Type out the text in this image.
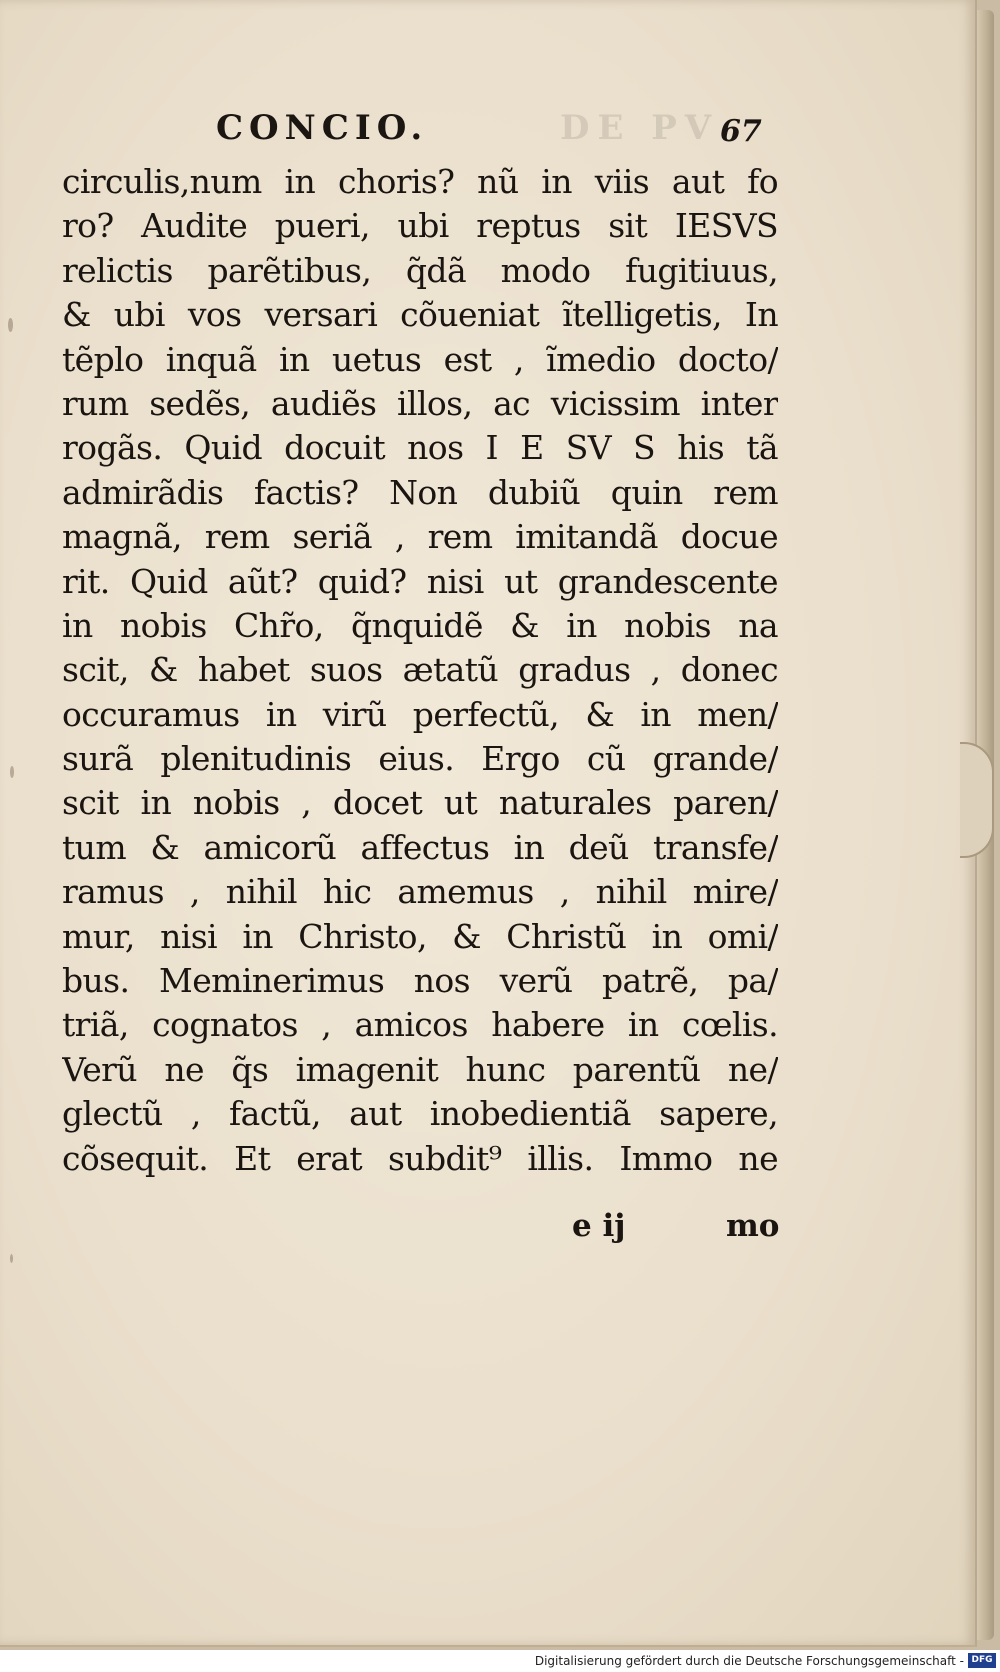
DE PV
CONCIO.	67
circulis,num in choris? nũ in viis aut fo
ro? Audite pueri, ubi reptus sit IESVS
relictis parẽtibus, q̃dã modo fugitiuus,
& ubi vos versari cõueniat ĩtelligetis, In
tẽplo inquã in uetus est , ĩmedio docto/
rum sedẽs, audiẽs illos, ac vicissim inter
rogãs. Quid docuit nos I E SV S his tã
admirãdis factis? Non dubiũ quin rem
magnã, rem seriã , rem imitandã docue
rit. Quid aũt? quid? nisi ut grandescente
in nobis Chr̃o, q̃nquidẽ & in nobis na
scit, & habet suos ætatũ gradus , donec
occuramus in virũ perfectũ, & in men/
surã plenitudinis eius. Ergo cũ grande/
scit in nobis , docet ut naturales paren/
tum & amicorũ affectus in deũ transfe/
ramus , nihil hic amemus , nihil mire/
mur, nisi in Christo, & Christũ in omi/
bus. Meminerimus nos verũ patrẽ, pa/
triã, cognatos , amicos habere in cœlis.
Verũ ne q̃s imagenit hunc parentũ ne/
glectũ , factũ, aut inobedientiã sapere,
cõsequit. Et erat subdit⁹ illis. Immo ne
e ij	mo
Digitalisierung gefördert durch die Deutsche Forschungsgemeinschaft - DFG
